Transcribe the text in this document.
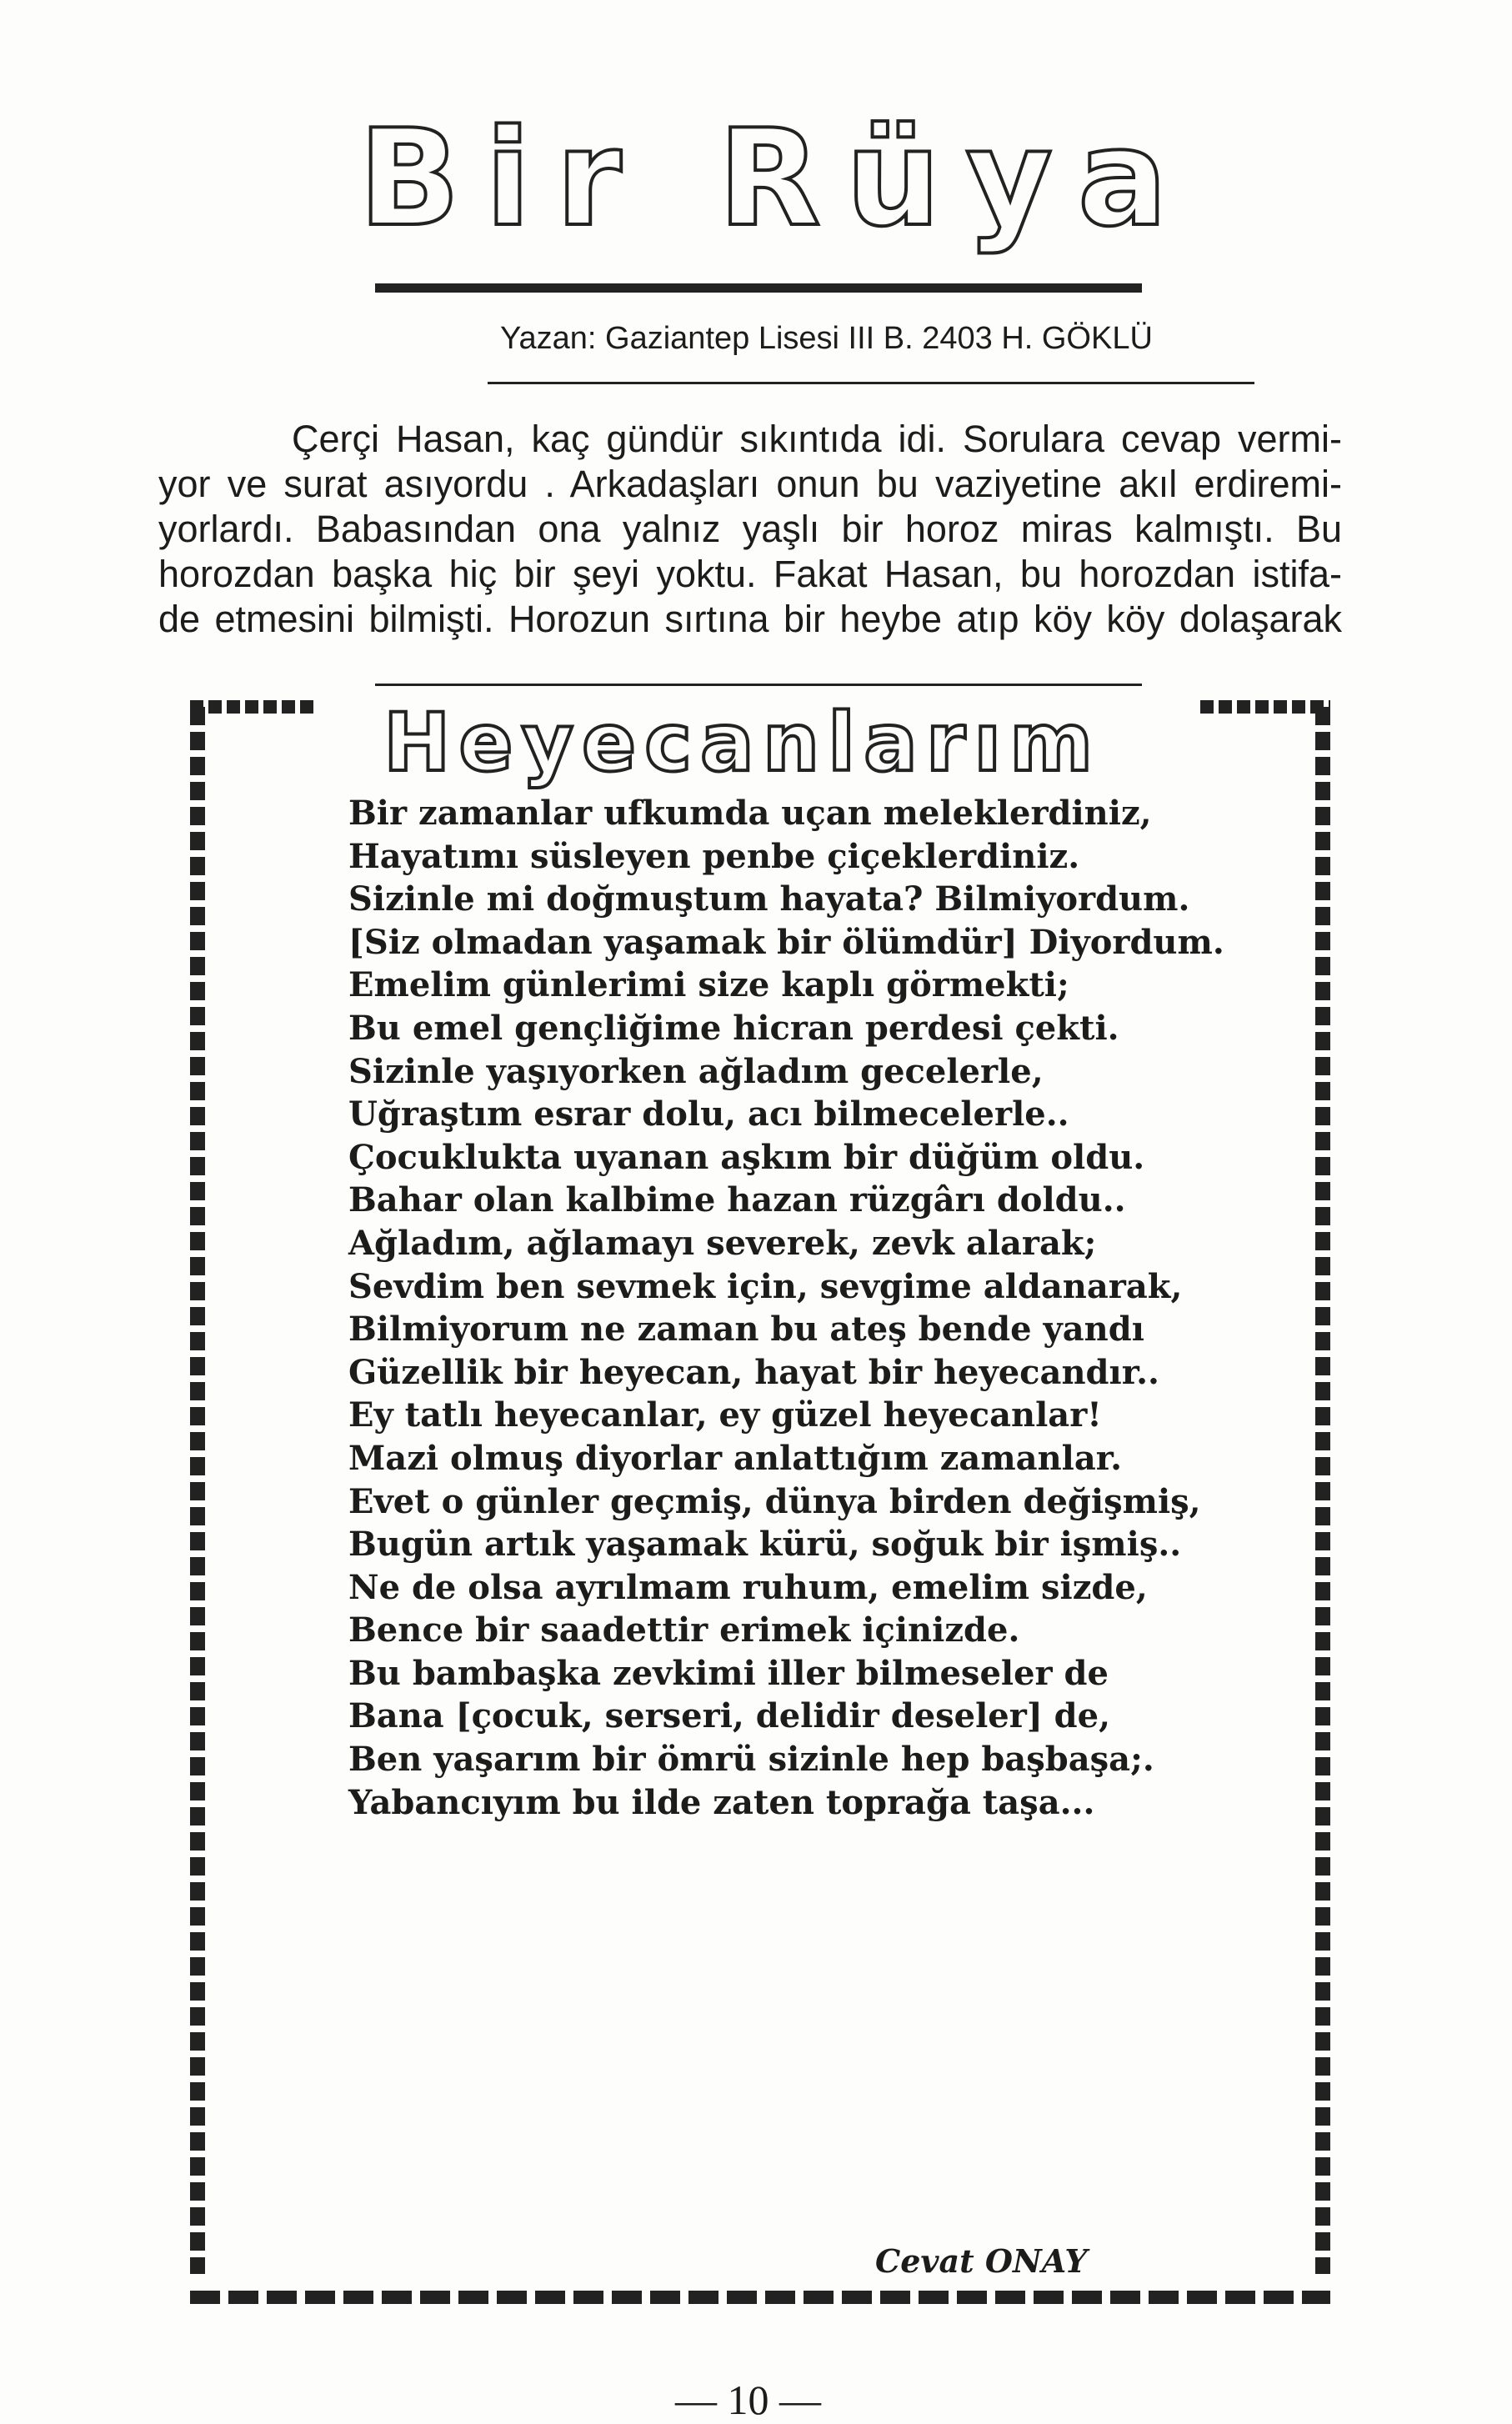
Bir Rüya
Yazan: Gaziantep Lisesi III B. 2403 H. GÖKLÜ
Çerçi Hasan, kaç gündür sıkıntıda idi. Sorulara cevap vermi-
yor ve surat asıyordu . Arkadaşları onun bu vaziyetine akıl erdiremi-
yorlardı. Babasından ona yalnız yaşlı bir horoz miras kalmıştı. Bu
horozdan başka hiç bir şeyi yoktu. Fakat Hasan, bu horozdan istifa-
de etmesini bilmişti. Horozun sırtına bir heybe atıp köy köy dolaşarak
Heyecanlarım
Bir zamanlar ufkumda uçan meleklerdiniz,
Hayatımı süsleyen penbe çiçeklerdiniz.
Sizinle mi doğmuştum hayata? Bilmiyordum.
[Siz olmadan yaşamak bir ölümdür] Diyordum.
Emelim günlerimi size kaplı görmekti;
Bu emel gençliğime hicran perdesi çekti.
Sizinle yaşıyorken ağladım gecelerle,
Uğraştım esrar dolu, acı bilmecelerle..
Çocuklukta uyanan aşkım bir düğüm oldu.
Bahar olan kalbime hazan rüzgârı doldu..
Ağladım, ağlamayı severek, zevk alarak;
Sevdim ben sevmek için, sevgime aldanarak,
Bilmiyorum ne zaman bu ateş bende yandı
Güzellik bir heyecan, hayat bir heyecandır..
Ey tatlı heyecanlar, ey güzel heyecanlar!
Mazi olmuş diyorlar anlattığım zamanlar.
Evet o günler geçmiş, dünya birden değişmiş,
Bugün artık yaşamak kürü, soğuk bir işmiş..
Ne de olsa ayrılmam ruhum, emelim sizde,
Bence bir saadettir erimek içinizde.
Bu bambaşka zevkimi iller bilmeseler de
Bana [çocuk, serseri, delidir deseler] de,
Ben yaşarım bir ömrü sizinle hep başbaşa;.
Yabancıyım bu ilde zaten toprağa taşa...
Cevat ONAY
— 10 —
